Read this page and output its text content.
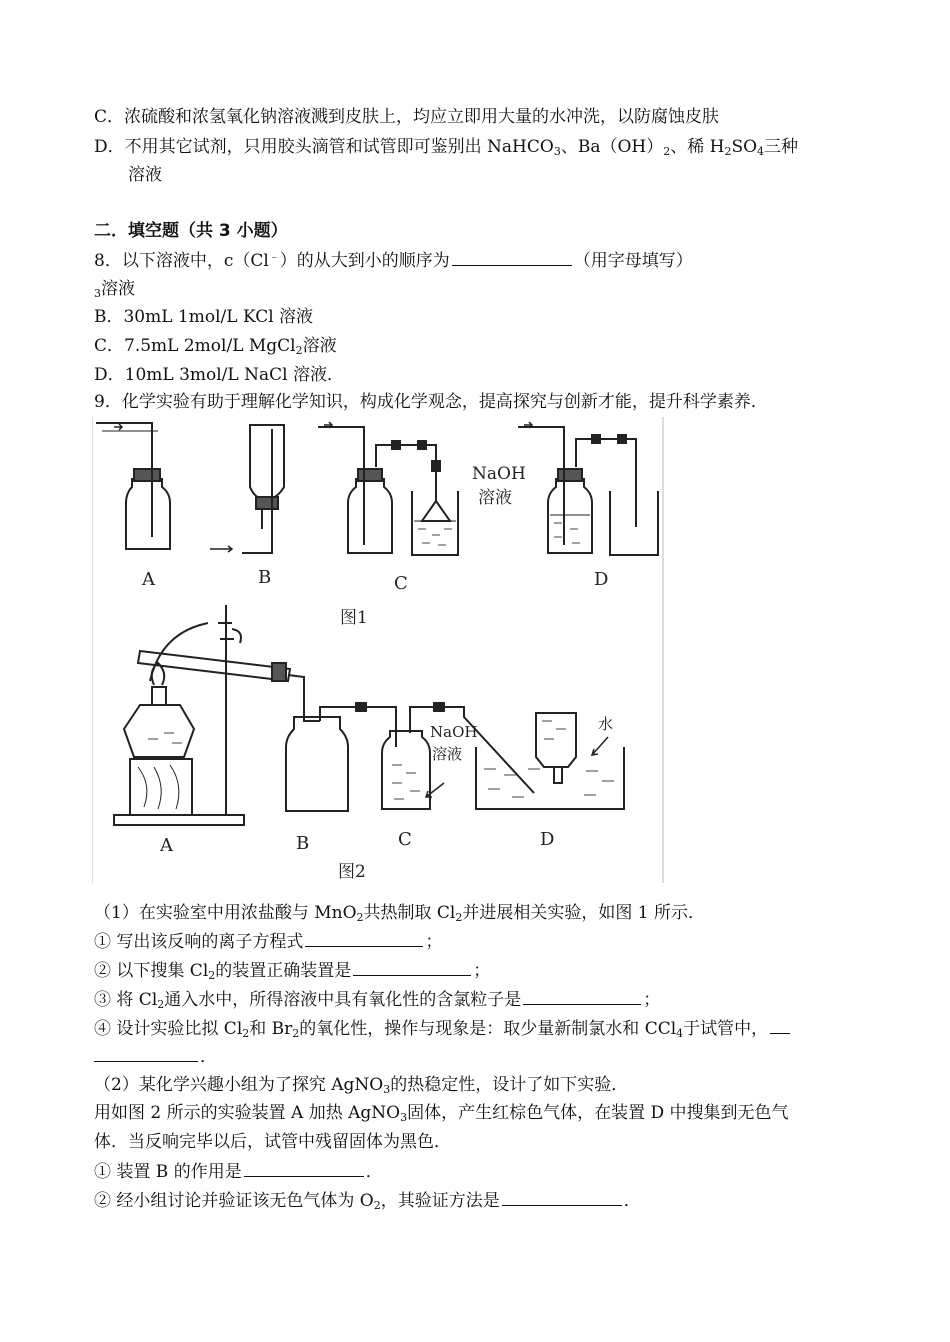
C．浓硫酸和浓氢氧化钠溶液溅到皮肤上，均应立即用大量的水冲洗，以防腐蚀皮肤
D．不用其它试剂，只用胶头滴管和试管即可鉴别出 NaHCO$_3$、$Ba(OH)_2$、稀 $H_2SO_4$三种
溶液
二．填空题（共 3 小题）
8．以下溶液中，c（Cl﹣）的从大到小的顺序为	（用字母填写）
$_3$溶液
B．30mL 1mol/L KCl 溶液
C．7.5mL 2mol/L MgCl$_2$溶液
D．10mL 3mol/L NaCl 溶液．
9．化学实验有助于理解化学知识，构成化学观念，提高探究与创新才能，提升科学素养．
A	B	C	D
NaOH
溶液
图1
A	B	C	D
NaOH
溶液
水
图2
（1）在实验室中用浓盐酸与 MnO$_2$共热制取 $Cl_2$并进展相关实验，如图 1 所示．
① 写出该反响的离子方程式	；
② 以下搜集 $Cl_2$的装置正确装置是	；
③ 将 $Cl_2$通入水中，所得溶液中具有氧化性的含氯粒子是	；
④ 设计实验比拟 $Cl_2$和 $Br_2$的氧化性，操作与现象是：取少量新制氯水和 CCl$_4$于试管中，
．
（2）某化学兴趣小组为了探究 AgNO$_3$的热稳定性，设计了如下实验．
用如图 2 所示的实验装置 A 加热 AgNO$_3$固体，产生红棕色气体，在装置 D 中搜集到无色气
体．当反响完毕以后，试管中残留固体为黑色．
① 装置 B 的作用是	．
② 经小组讨论并验证该无色气体为 $O_2$，其验证方法是	．
